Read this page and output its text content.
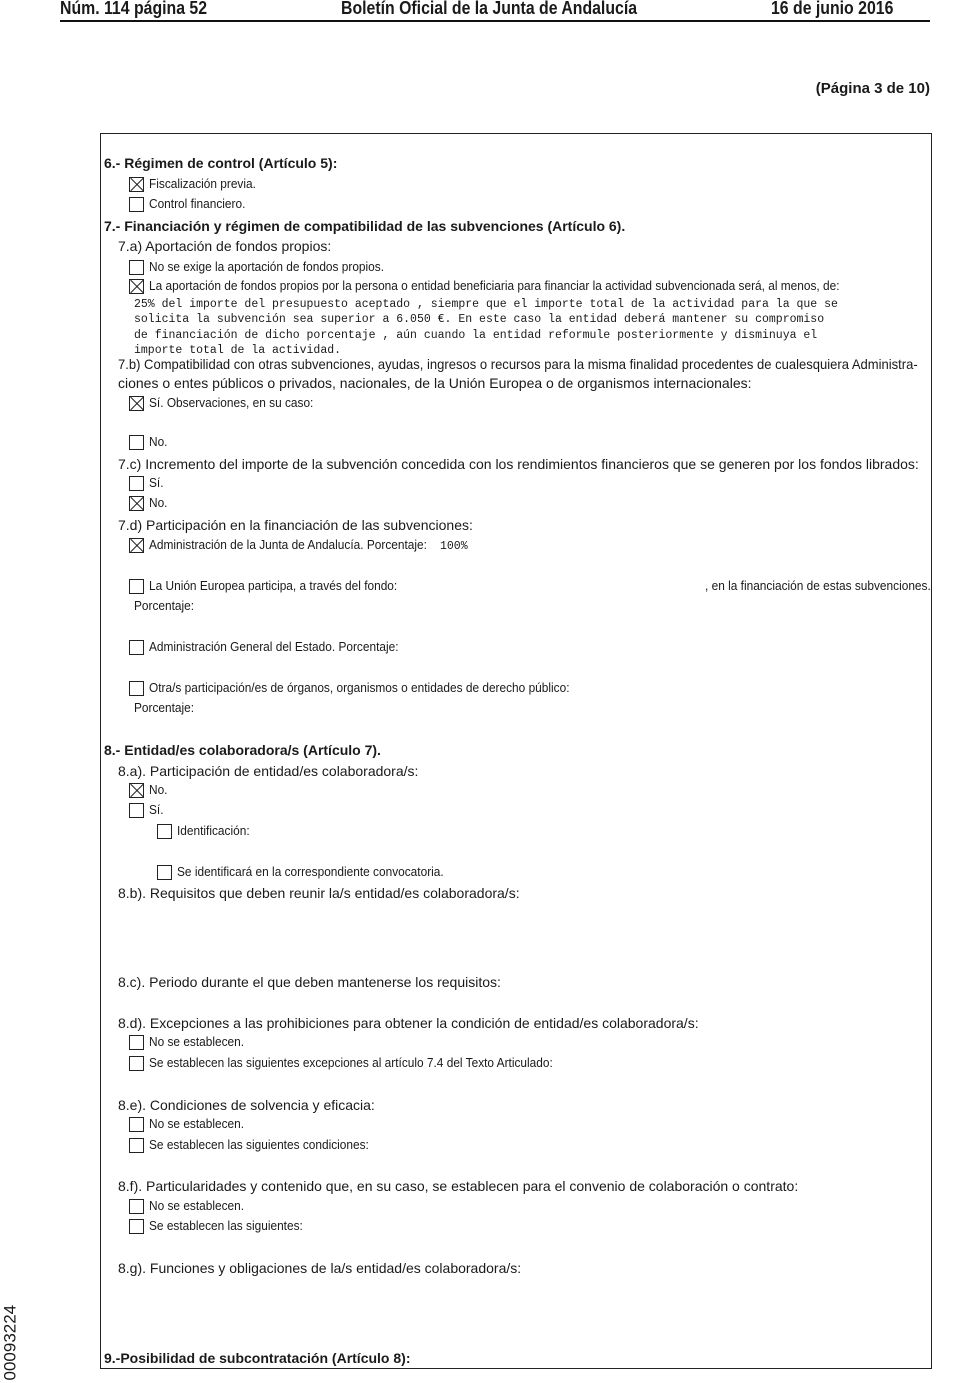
Núm. 114 página 52	Boletín Oficial de la Junta de Andalucía	16 de junio 2016
(Página 3 de 10)
00093224
6.- Régimen de control (Artículo 5):
Fiscalización previa.
Control financiero.
7.- Financiación y régimen de compatibilidad de las subvenciones (Artículo 6).
7.a) Aportación de fondos propios:
No se exige la aportación de fondos propios.
La aportación de fondos propios por la persona o entidad beneficiaria para financiar la actividad subvencionada será, al menos, de:
25% del importe del presupuesto aceptado , siempre que el importe total de la actividad para la que se
solicita la subvención sea superior a 6.050 €. En este caso la entidad deberá mantener su compromiso
de financiación de dicho porcentaje , aún cuando la entidad reformule posteriormente y disminuya el
importe total de la actividad.
7.b) Compatibilidad con otras subvenciones, ayudas, ingresos o recursos para la misma finalidad procedentes de cualesquiera Administra-
ciones o entes públicos o privados, nacionales, de la Unión Europea o de organismos internacionales:
Sí. Observaciones, en su caso:
No.
7.c) Incremento del importe de la subvención concedida con los rendimientos financieros que se generen por los fondos librados:
Sí.
No.
7.d) Participación en la financiación de las subvenciones:
Administración de la Junta de Andalucía. Porcentaje: 100%
La Unión Europea participa, a través del fondo:	, en la financiación de estas subvenciones.
Porcentaje:
Administración General del Estado. Porcentaje:
Otra/s participación/es de órganos, organismos o entidades de derecho público:
Porcentaje:
8.- Entidad/es colaboradora/s (Artículo 7).
8.a). Participación de entidad/es colaboradora/s:
No.
Sí.
Identificación:
Se identificará en la correspondiente convocatoria.
8.b). Requisitos que deben reunir la/s entidad/es colaboradora/s:
8.c). Periodo durante el que deben mantenerse los requisitos:
8.d). Excepciones a las prohibiciones para obtener la condición de entidad/es colaboradora/s:
No se establecen.
Se establecen las siguientes excepciones al artículo 7.4 del Texto Articulado:
8.e). Condiciones de solvencia y eficacia:
No se establecen.
Se establecen las siguientes condiciones:
8.f). Particularidades y contenido que, en su caso, se establecen para el convenio de colaboración o contrato:
No se establecen.
Se establecen las siguientes:
8.g). Funciones y obligaciones de la/s entidad/es colaboradora/s:
9.-Posibilidad de subcontratación (Artículo 8):
